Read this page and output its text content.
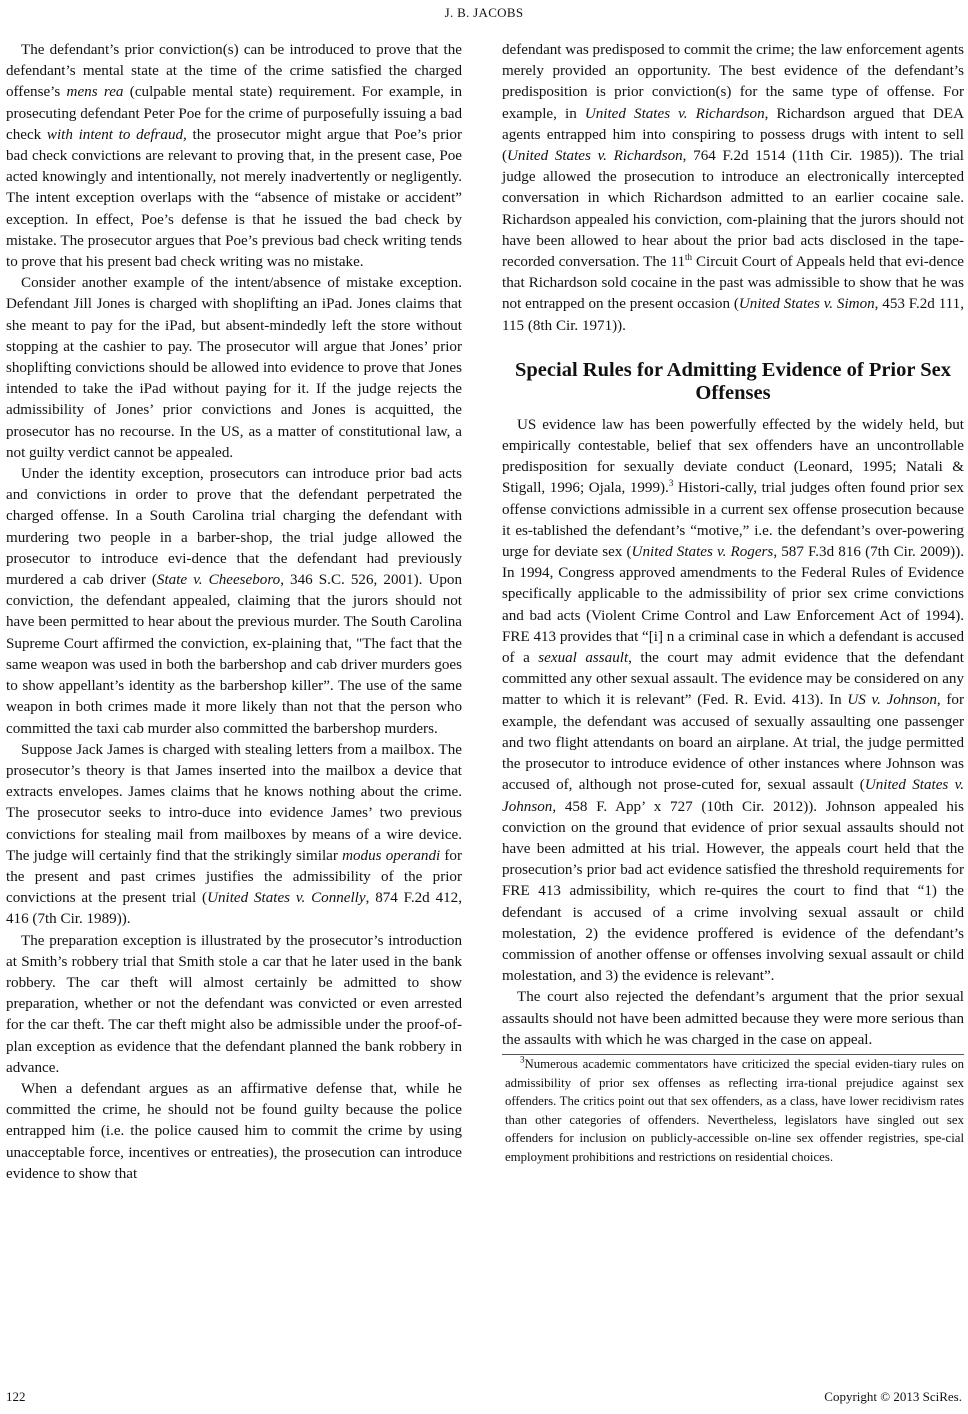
J. B. JACOBS

The defendant’s prior conviction(s) can be introduced to prove that the defendant’s mental state at the time of the crime satisfied the charged offense’s mens rea (culpable mental state) requirement. For example, in prosecuting defendant Peter Poe for the crime of purposefully issuing a bad check with intent to defraud, the prosecutor might argue that Poe’s prior bad check convictions are relevant to proving that, in the present case, Poe acted knowingly and intentionally, not merely inadvertently or negligently. The intent exception overlaps with the “absence of mistake or accident” exception. In effect, Poe’s defense is that he issued the bad check by mistake. The prosecutor argues that Poe’s previous bad check writing tends to prove that his present bad check writing was no mistake.

Consider another example of the intent/absence of mistake exception. Defendant Jill Jones is charged with shoplifting an iPad. Jones claims that she meant to pay for the iPad, but absent-mindedly left the store without stopping at the cashier to pay. The prosecutor will argue that Jones’ prior shoplifting convictions should be allowed into evidence to prove that Jones intended to take the iPad without paying for it. If the judge rejects the admissibility of Jones’ prior convictions and Jones is acquitted, the prosecutor has no recourse. In the US, as a matter of constitutional law, a not guilty verdict cannot be appealed.

Under the identity exception, prosecutors can introduce prior bad acts and convictions in order to prove that the defendant perpetrated the charged offense. In a South Carolina trial charging the defendant with murdering two people in a barber-shop, the trial judge allowed the prosecutor to introduce evi-dence that the defendant had previously murdered a cab driver (State v. Cheeseboro, 346 S.C. 526, 2001). Upon conviction, the defendant appealed, claiming that the jurors should not have been permitted to hear about the previous murder. The South Carolina Supreme Court affirmed the conviction, ex-plaining that, "The fact that the same weapon was used in both the barbershop and cab driver murders goes to show appellant’s identity as the barbershop killer”. The use of the same weapon in both crimes made it more likely than not that the person who committed the taxi cab murder also committed the barbershop murders.

Suppose Jack James is charged with stealing letters from a mailbox. The prosecutor’s theory is that James inserted into the mailbox a device that extracts envelopes. James claims that he knows nothing about the crime. The prosecutor seeks to intro-duce into evidence James’ two previous convictions for stealing mail from mailboxes by means of a wire device. The judge will certainly find that the strikingly similar modus operandi for the present and past crimes justifies the admissibility of the prior convictions at the present trial (United States v. Connelly, 874 F.2d 412, 416 (7th Cir. 1989)).

The preparation exception is illustrated by the prosecutor’s introduction at Smith’s robbery trial that Smith stole a car that he later used in the bank robbery. The car theft will almost certainly be admitted to show preparation, whether or not the defendant was convicted or even arrested for the car theft. The car theft might also be admissible under the proof-of-plan exception as evidence that the defendant planned the bank robbery in advance.

When a defendant argues as an affirmative defense that, while he committed the crime, he should not be found guilty because the police entrapped him (i.e. the police caused him to commit the crime by using unacceptable force, incentives or entreaties), the prosecution can introduce evidence to show that

defendant was predisposed to commit the crime; the law enforcement agents merely provided an opportunity. The best evidence of the defendant’s predisposition is prior conviction(s) for the same type of offense. For example, in United States v. Richardson, Richardson argued that DEA agents entrapped him into conspiring to possess drugs with intent to sell (United States v. Richardson, 764 F.2d 1514 (11th Cir. 1985)). The trial judge allowed the prosecution to introduce an electronically intercepted conversation in which Richardson admitted to an earlier cocaine sale. Richardson appealed his conviction, com-plaining that the jurors should not have been allowed to hear about the prior bad acts disclosed in the tape-recorded conversation. The 11th Circuit Court of Appeals held that evi-dence that Richardson sold cocaine in the past was admissible to show that he was not entrapped on the present occasion (United States v. Simon, 453 F.2d 111, 115 (8th Cir. 1971)).

Special Rules for Admitting Evidence of Prior Sex Offenses

US evidence law has been powerfully effected by the widely held, but empirically contestable, belief that sex offenders have an uncontrollable predisposition for sexually deviate conduct (Leonard, 1995; Natali & Stigall, 1996; Ojala, 1999).$^3$ Histori-cally, trial judges often found prior sex offense convictions admissible in a current sex offense prosecution because it es-tablished the defendant’s “motive,” i.e. the defendant’s over-powering urge for deviate sex (United States v. Rogers, 587 F.3d 816 (7th Cir. 2009)). In 1994, Congress approved amendments to the Federal Rules of Evidence specifically applicable to the admissibility of prior sex crime convictions and bad acts (Violent Crime Control and Law Enforcement Act of 1994). FRE 413 provides that “[i] n a criminal case in which a defendant is accused of a sexual assault, the court may admit evidence that the defendant committed any other sexual assault. The evidence may be considered on any matter to which it is relevant” (Fed. R. Evid. 413). In US v. Johnson, for example, the defendant was accused of sexually assaulting one passenger and two flight attendants on board an airplane. At trial, the judge permitted the prosecutor to introduce evidence of other instances where Johnson was accused of, although not prose-cuted for, sexual assault (United States v. Johnson, 458 F. App’ x 727 (10th Cir. 2012)). Johnson appealed his conviction on the ground that evidence of prior sexual assaults should not have been admitted at his trial. However, the appeals court held that the prosecution’s prior bad act evidence satisfied the threshold requirements for FRE 413 admissibility, which re-quires the court to find that “1) the defendant is accused of a crime involving sexual assault or child molestation, 2) the evidence proffered is evidence of the defendant’s commission of another offense or offenses involving sexual assault or child molestation, and 3) the evidence is relevant”.

The court also rejected the defendant’s argument that the prior sexual assaults should not have been admitted because they were more serious than the assaults with which he was charged in the case on appeal.

$^3$Numerous academic commentators have criticized the special eviden-tiary rules on admissibility of prior sex offenses as reflecting irra-tional prejudice against sex offenders. The critics point out that sex offenders, as a class, have lower recidivism rates than other categories of offenders. Nevertheless, legislators have singled out sex offenders for inclusion on publicly-accessible on-line sex offender registries, spe-cial employment prohibitions and restrictions on residential choices.

122	Copyright © 2013 SciRes.
